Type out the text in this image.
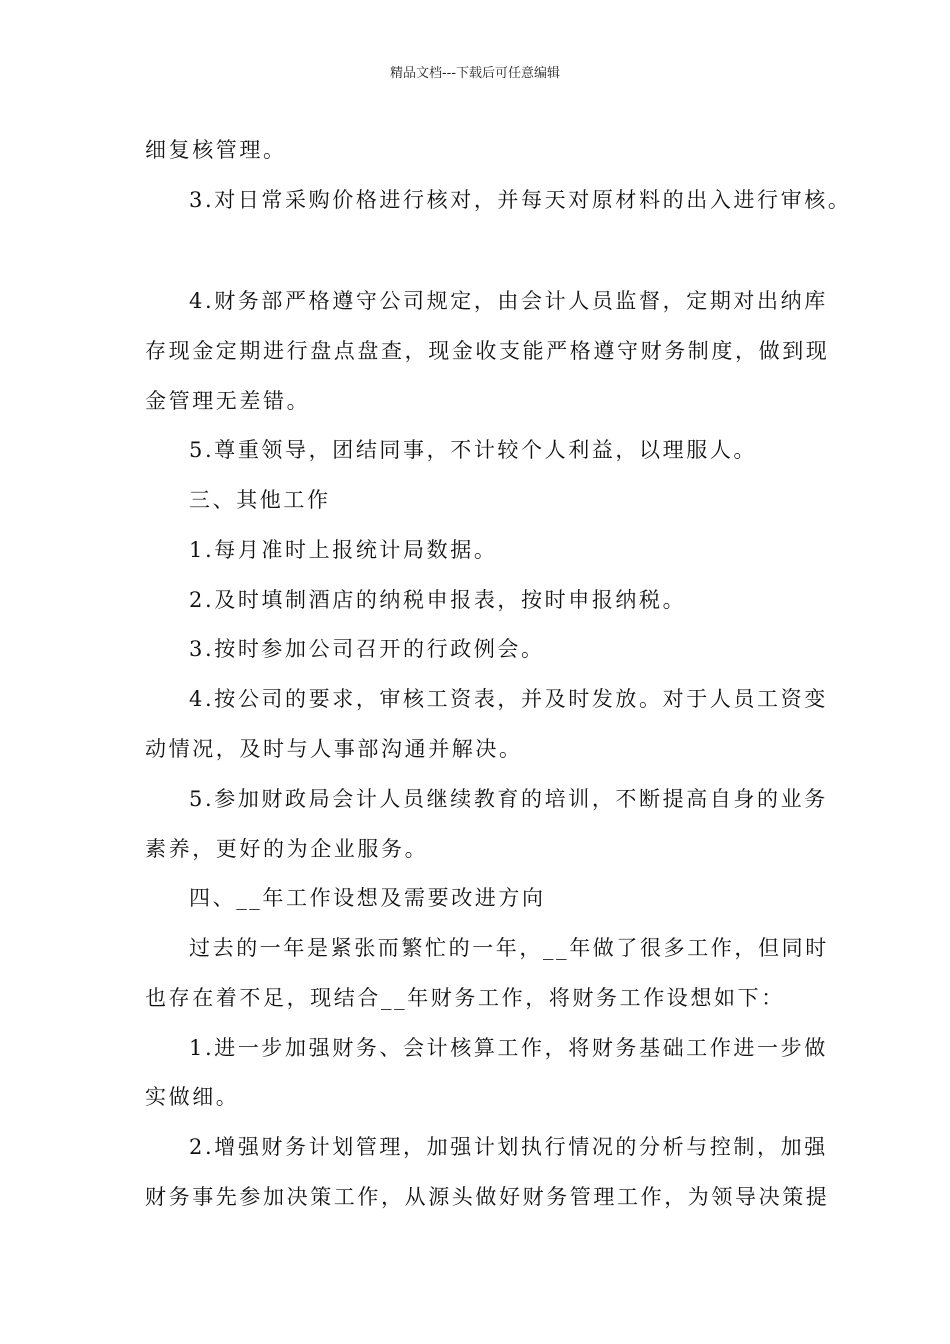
精品文档---下载后可任意编辑
细复核管理。
3.对日常采购价格进行核对，并每天对原材料的出入进行审核。
4.财务部严格遵守公司规定，由会计人员监督，定期对出纳库
存现金定期进行盘点盘查，现金收支能严格遵守财务制度，做到现
金管理无差错。
5.尊重领导，团结同事，不计较个人利益，以理服人。
三、其他工作
1.每月准时上报统计局数据。
2.及时填制酒店的纳税申报表，按时申报纳税。
3.按时参加公司召开的行政例会。
4.按公司的要求，审核工资表，并及时发放。对于人员工资变
动情况，及时与人事部沟通并解决。
5.参加财政局会计人员继续教育的培训，不断提高自身的业务
素养，更好的为企业服务。
四、__年工作设想及需要改进方向
过去的一年是紧张而繁忙的一年，__年做了很多工作，但同时
也存在着不足，现结合__年财务工作，将财务工作设想如下：
1.进一步加强财务、会计核算工作，将财务基础工作进一步做
实做细。
2.增强财务计划管理，加强计划执行情况的分析与控制，加强
财务事先参加决策工作，从源头做好财务管理工作，为领导决策提
